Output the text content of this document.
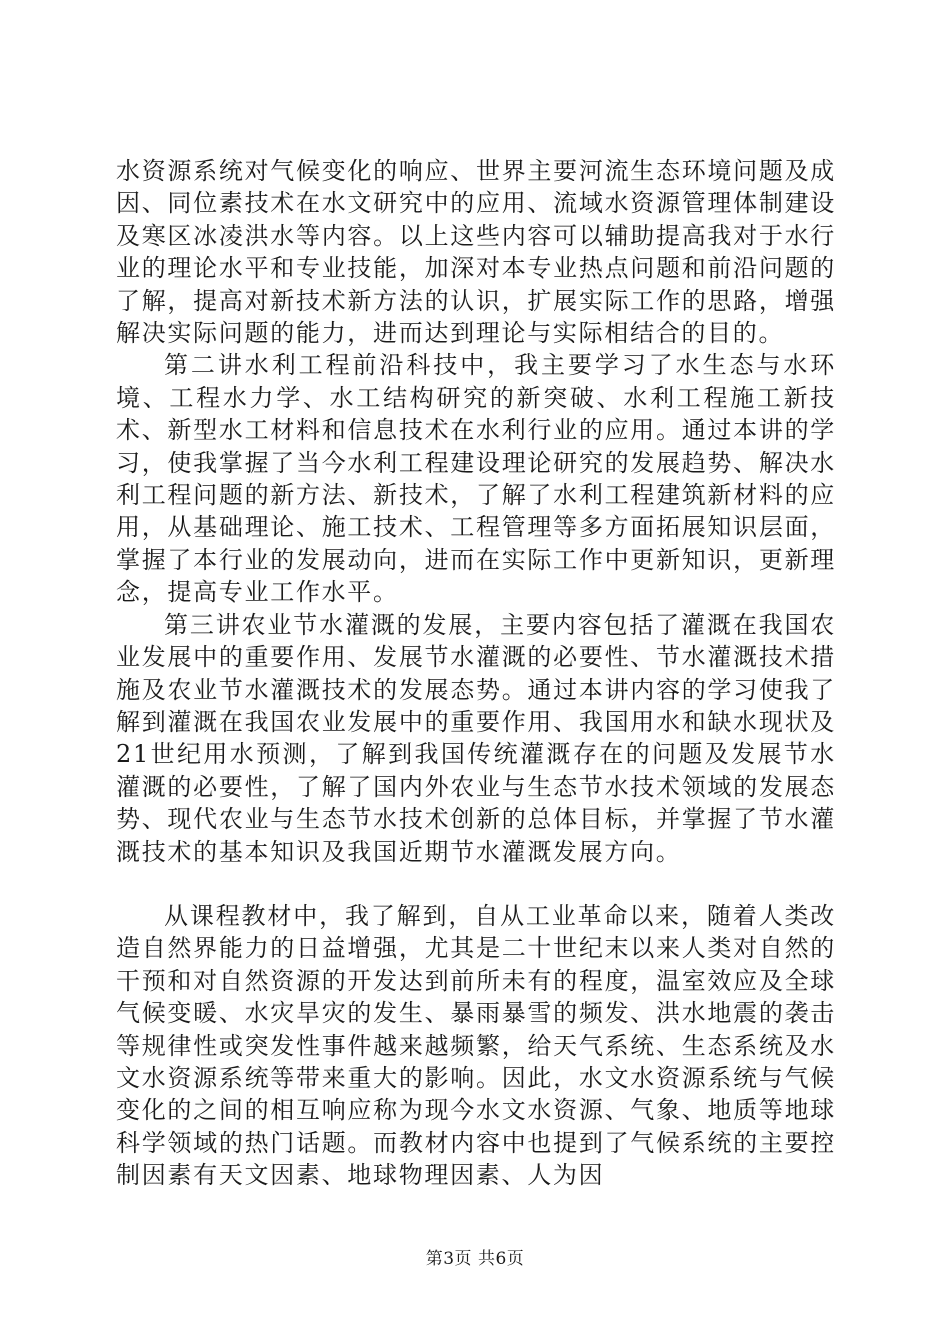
水资源系统对气候变化的响应、世界主要河流生态环境问题及成因、同位素技术在水文研究中的应用、流域水资源管理体制建设及寒区冰凌洪水等内容。以上这些内容可以辅助提高我对于水行业的理论水平和专业技能，加深对本专业热点问题和前沿问题的了解，提高对新技术新方法的认识，扩展实际工作的思路，增强解决实际问题的能力，进而达到理论与实际相结合的目的。

第二讲水利工程前沿科技中，我主要学习了水生态与水环境、工程水力学、水工结构研究的新突破、水利工程施工新技术、新型水工材料和信息技术在水利行业的应用。通过本讲的学习，使我掌握了当今水利工程建设理论研究的发展趋势、解决水利工程问题的新方法、新技术，了解了水利工程建筑新材料的应用，从基础理论、施工技术、工程管理等多方面拓展知识层面，掌握了本行业的发展动向，进而在实际工作中更新知识，更新理念，提高专业工作水平。

第三讲农业节水灌溉的发展，主要内容包括了灌溉在我国农业发展中的重要作用、发展节水灌溉的必要性、节水灌溉技术措施及农业节水灌溉技术的发展态势。通过本讲内容的学习使我了解到灌溉在我国农业发展中的重要作用、我国用水和缺水现状及21世纪用水预测，了解到我国传统灌溉存在的问题及发展节水灌溉的必要性，了解了国内外农业与生态节水技术领域的发展态势、现代农业与生态节水技术创新的总体目标，并掌握了节水灌溉技术的基本知识及我国近期节水灌溉发展方向。

从课程教材中，我了解到，自从工业革命以来，随着人类改造自然界能力的日益增强，尤其是二十世纪末以来人类对自然的干预和对自然资源的开发达到前所未有的程度，温室效应及全球气候变暖、水灾旱灾的发生、暴雨暴雪的频发、洪水地震的袭击等规律性或突发性事件越来越频繁，给天气系统、生态系统及水文水资源系统等带来重大的影响。因此，水文水资源系统与气候变化的之间的相互响应称为现今水文水资源、气象、地质等地球科学领域的热门话题。而教材内容中也提到了气候系统的主要控制因素有天文因素、地球物理因素、人为因

第3页 共6页
